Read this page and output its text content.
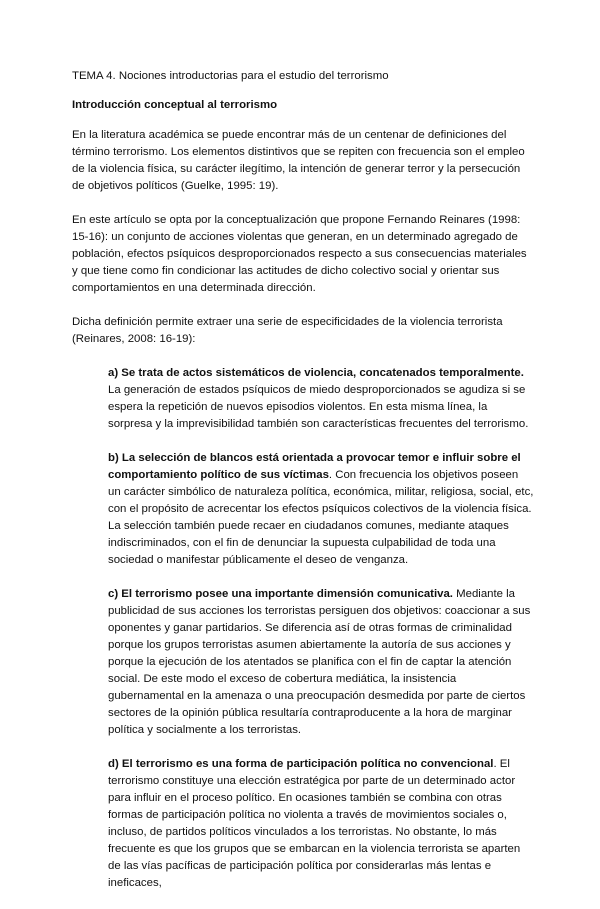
TEMA 4. Nociones introductorias para el estudio del terrorismo

Introducción conceptual al terrorismo

En la literatura académica se puede encontrar más de un centenar de definiciones del término terrorismo. Los elementos distintivos que se repiten con frecuencia son el empleo de la violencia física, su carácter ilegítimo, la intención de generar terror y la persecución de objetivos políticos (Guelke, 1995: 19).

En este artículo se opta por la conceptualización que propone Fernando Reinares (1998: 15-16): un conjunto de acciones violentas que generan, en un determinado agregado de población, efectos psíquicos desproporcionados respecto a sus consecuencias materiales y que tiene como fin condicionar las actitudes de dicho colectivo social y orientar sus comportamientos en una determinada dirección.

Dicha definición permite extraer una serie de especificidades de la violencia terrorista (Reinares, 2008: 16-19):

a) Se trata de actos sistemáticos de violencia, concatenados temporalmente. La generación de estados psíquicos de miedo desproporcionados se agudiza si se espera la repetición de nuevos episodios violentos. En esta misma línea, la sorpresa y la imprevisibilidad también son características frecuentes del terrorismo.

b) La selección de blancos está orientada a provocar temor e influir sobre el comportamiento político de sus víctimas. Con frecuencia los objetivos poseen un carácter simbólico de naturaleza política, económica, militar, religiosa, social, etc, con el propósito de acrecentar los efectos psíquicos colectivos de la violencia física. La selección también puede recaer en ciudadanos comunes, mediante ataques indiscriminados, con el fin de denunciar la supuesta culpabilidad de toda una sociedad o manifestar públicamente el deseo de venganza.

c) El terrorismo posee una importante dimensión comunicativa. Mediante la publicidad de sus acciones los terroristas persiguen dos objetivos: coaccionar a sus oponentes y ganar partidarios. Se diferencia así de otras formas de criminalidad porque los grupos terroristas asumen abiertamente la autoría de sus acciones y porque la ejecución de los atentados se planifica con el fin de captar la atención social. De este modo el exceso de cobertura mediática, la insistencia gubernamental en la amenaza o una preocupación desmedida por parte de ciertos sectores de la opinión pública resultaría contraproducente a la hora de marginar política y socialmente a los terroristas.

d) El terrorismo es una forma de participación política no convencional. El terrorismo constituye una elección estratégica por parte de un determinado actor para influir en el proceso político. En ocasiones también se combina con otras formas de participación política no violenta a través de movimientos sociales o, incluso, de partidos políticos vinculados a los terroristas. No obstante, lo más frecuente es que los grupos que se embarcan en la violencia terrorista se aparten de las vías pacíficas de participación política por considerarlas más lentas e ineficaces,
